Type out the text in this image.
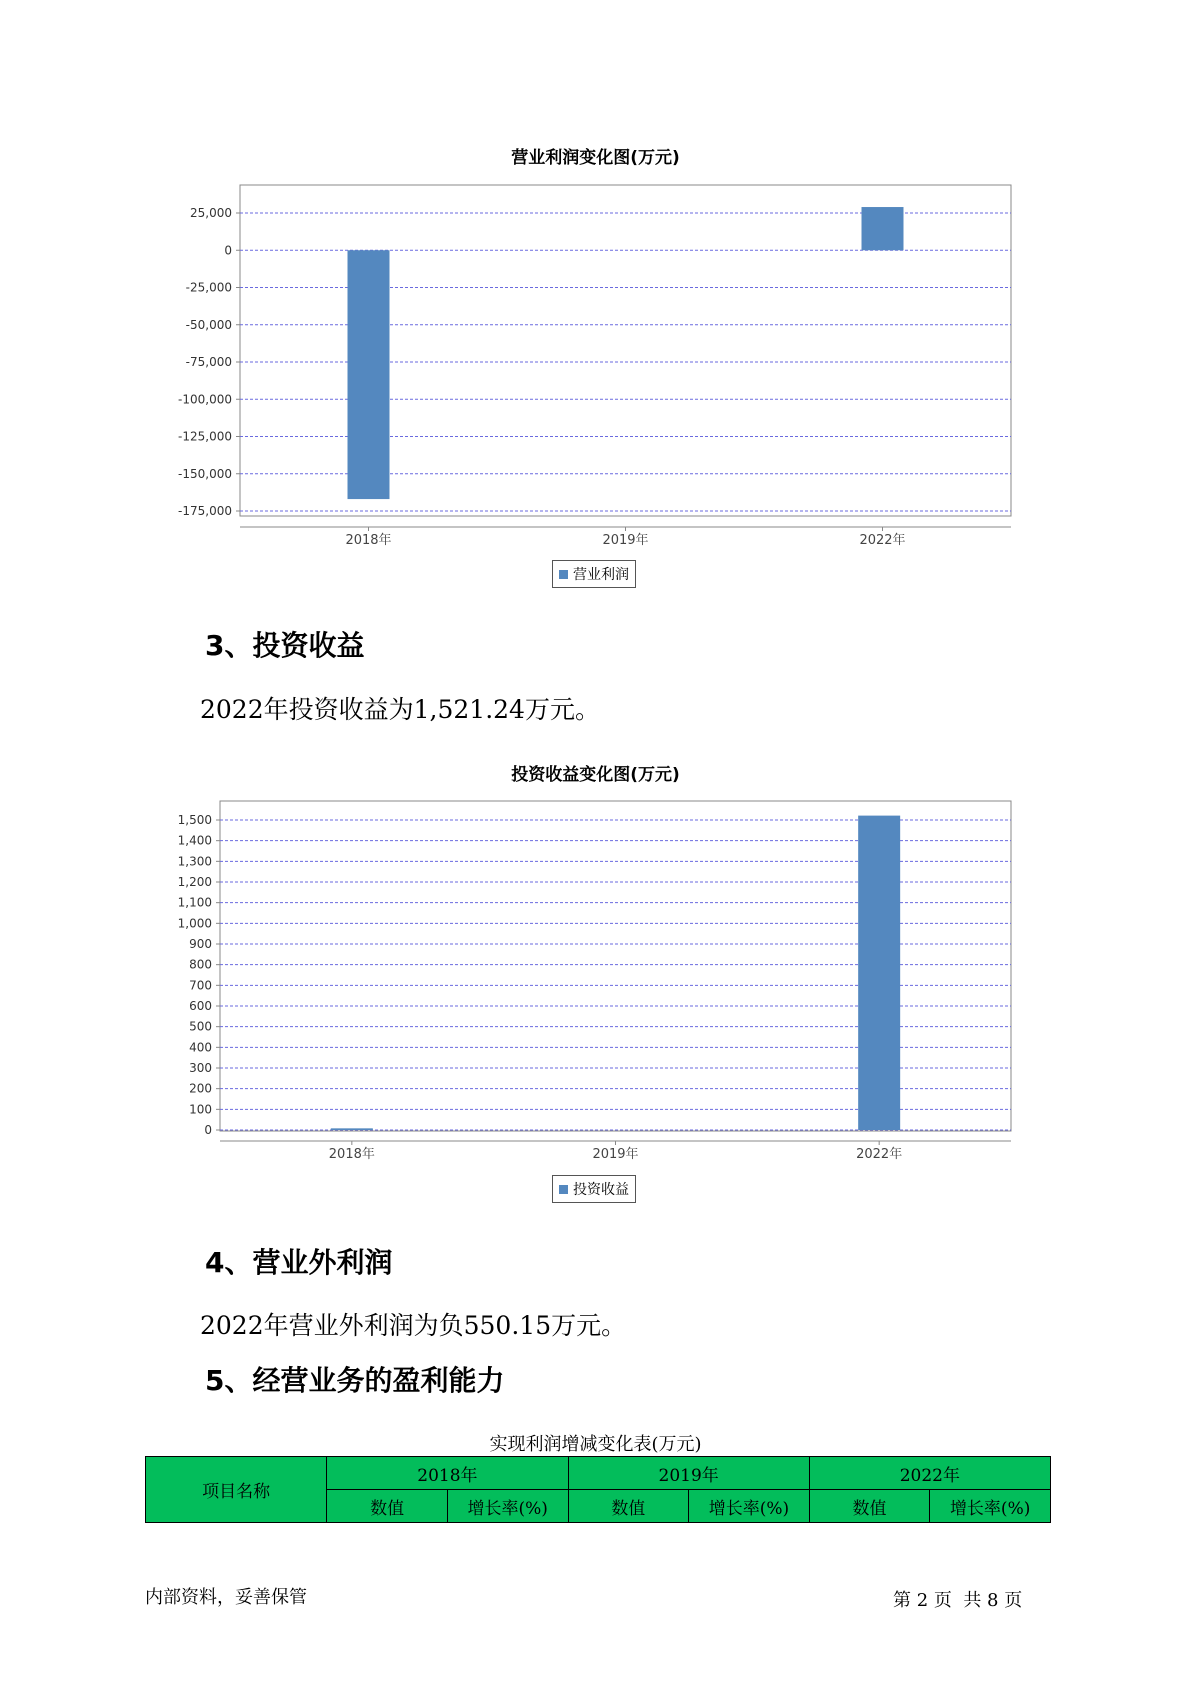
营业利润变化图(万元)
25,000
0
-25,000
-50,000
-75,000
-100,000
-125,000
-150,000
-175,000
2018年	2019年	2022年
营业利润
3、投资收益
2022年投资收益为1,521.24万元。
投资收益变化图(万元)
1,500
1,400
1,300
1,200
1,100
1,000
900
800
700
600
500
400
300
200
100
0
2018年	2019年	2022年
投资收益
4、营业外利润
2022年营业外利润为负550.15万元。
5、经营业务的盈利能力
实现利润增减变化表(万元)
项目名称	2018年		2019年		2022年	
	数值	增长率(%)	数值	增长率(%)	数值	增长率(%)
内部资料，妥善保管	第 2 页  共 8 页
